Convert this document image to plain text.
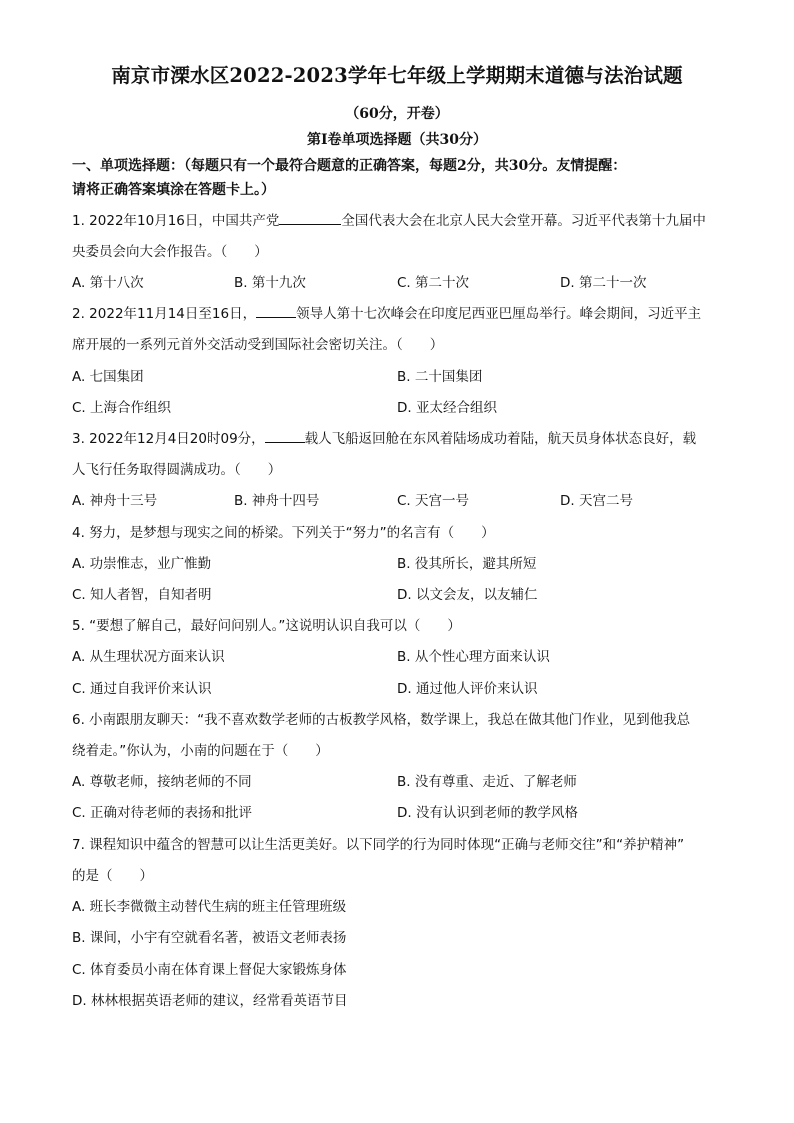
南京市溧水区2022-2023学年七年级上学期期末道德与法治试题
（60分，开卷）
第Ⅰ卷单项选择题（共30分）
一、单项选择题：（每题只有一个最符合题意的正确答案，每题2分，共30分。友情提醒：
请将正确答案填涂在答题卡上。）
1. 2022年10月16日，中国共产党	全国代表大会在北京人民大会堂开幕。习近平代表第十九届中
央委员会向大会作报告。（　　）
A. 第十八次	B. 第十九次	C. 第二十次	D. 第二十一次
2. 2022年11月14日至16日，	领导人第十七次峰会在印度尼西亚巴厘岛举行。峰会期间，习近平主
席开展的一系列元首外交活动受到国际社会密切关注。（　　）
A. 七国集团	B. 二十国集团
C. 上海合作组织	D. 亚太经合组织
3. 2022年12月4日20时09分，	载人飞船返回舱在东风着陆场成功着陆，航天员身体状态良好，载
人飞行任务取得圆满成功。（　　）
A. 神舟十三号	B. 神舟十四号	C. 天宫一号	D. 天宫二号
4. 努力，是梦想与现实之间的桥梁。下列关于“努力”的名言有（　　）
A. 功崇惟志，业广惟勤	B. 役其所长，避其所短
C. 知人者智，自知者明	D. 以文会友，以友辅仁
5. “要想了解自己，最好问问别人。”这说明认识自我可以（　　）
A. 从生理状况方面来认识	B. 从个性心理方面来认识
C. 通过自我评价来认识	D. 通过他人评价来认识
6. 小南跟朋友聊天：“我不喜欢数学老师的古板教学风格，数学课上，我总在做其他门作业，见到他我总
绕着走。”你认为，小南的问题在于（　　）
A. 尊敬老师，接纳老师的不同	B. 没有尊重、走近、了解老师
C. 正确对待老师的表扬和批评	D. 没有认识到老师的教学风格
7. 课程知识中蕴含的智慧可以让生活更美好。以下同学的行为同时体现“正确与老师交往”和“养护精神”
的是（　　）
A. 班长李微微主动替代生病的班主任管理班级
B. 课间，小宇有空就看名著，被语文老师表扬
C. 体育委员小南在体育课上督促大家锻炼身体
D. 林林根据英语老师的建议，经常看英语节目
